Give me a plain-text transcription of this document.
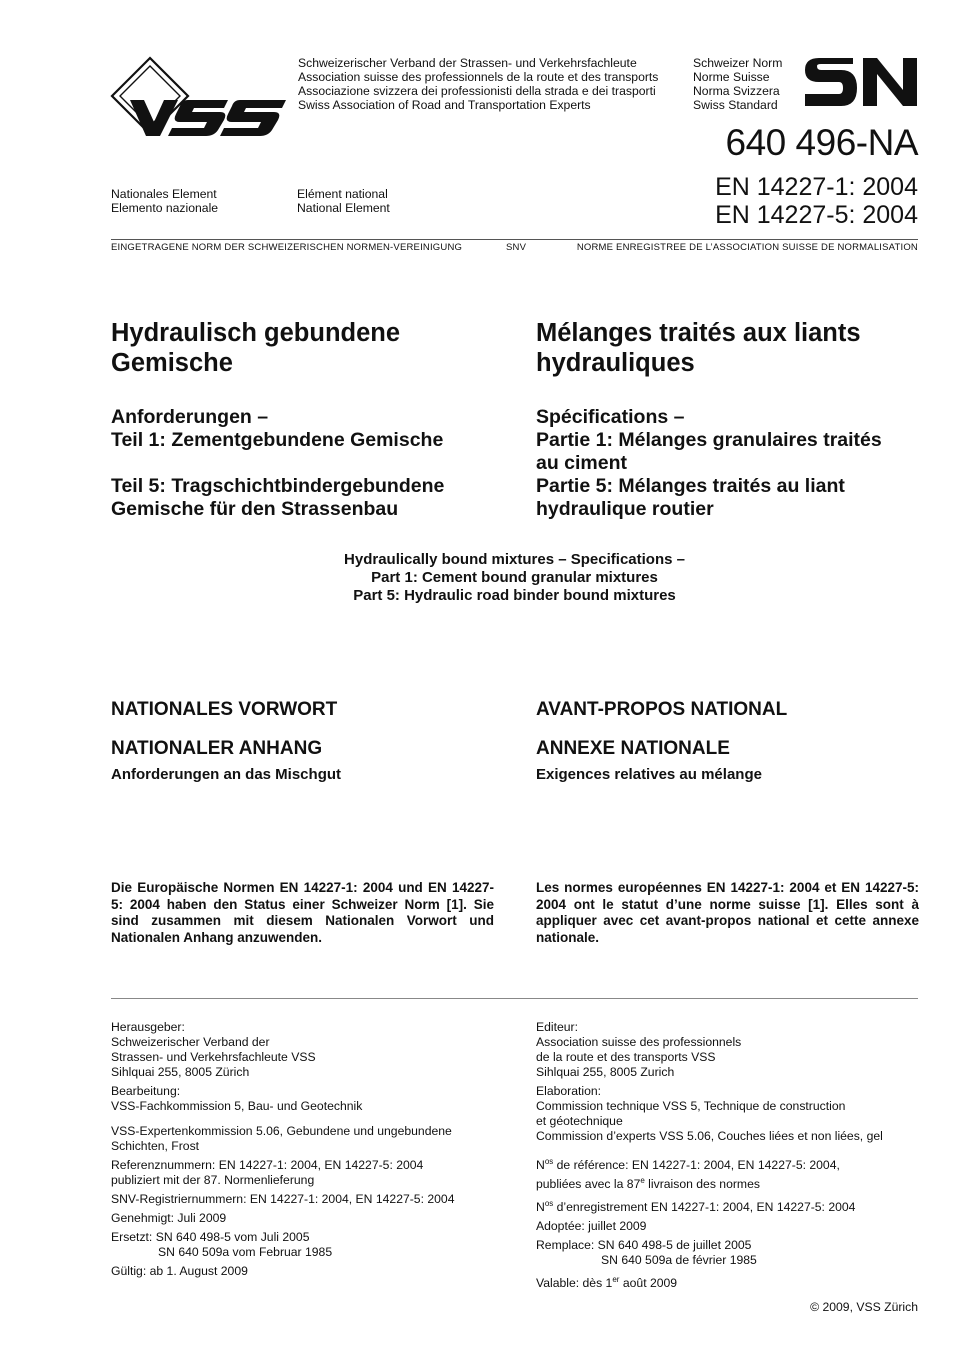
Schweizerischer Verband der Strassen- und Verkehrsfachleute
Association suisse des professionnels de la route et des transports
Associazione svizzera dei professionisti della strada e dei trasporti
Swiss Association of Road and Transportation Experts
Schweizer Norm
Norme Suisse
Norma Svizzera
Swiss Standard
640 496-NA
EN 14227-1: 2004
EN 14227-5: 2004
Nationales Element
Elemento nazionale
Elément national
National Element
EINGETRAGENE NORM DER SCHWEIZERISCHEN NORMEN-VEREINIGUNG	SNV	NORME ENREGISTREE DE L’ASSOCIATION SUISSE DE NORMALISATION
Hydraulisch gebundene
Gemische
Anforderungen –
Teil 1: Zementgebundene Gemische
Teil 5: Tragschichtbindergebundene
Gemische für den Strassenbau
Mélanges traités aux liants
hydrauliques
Spécifications –
Partie 1: Mélanges granulaires traités
au ciment
Partie 5: Mélanges traités au liant
hydraulique routier
Hydraulically bound mixtures – Specifications –
Part 1: Cement bound granular mixtures
Part 5: Hydraulic road binder bound mixtures
NATIONALES VORWORT
NATIONALER ANHANG
Anforderungen an das Mischgut
AVANT-PROPOS NATIONAL
ANNEXE NATIONALE
Exigences relatives au mélange
Die Europäische Normen EN 14227-1: 2004 und EN 14227-5: 2004 haben den Status einer Schweizer Norm [1]. Sie sind zusammen mit diesem Nationalen Vorwort und Nationalen Anhang anzuwenden.
Les normes européennes EN 14227-1: 2004 et EN 14227-5: 2004 ont le statut d’une norme suisse [1]. Elles sont à appliquer avec cet avant-propos national et cette annexe nationale.

Herausgeber:
Schweizerischer Verband der
Strassen- und Verkehrsfachleute VSS
Sihlquai 255, 8005 Zürich

Bearbeitung:
VSS-Fachkommission 5, Bau- und Geotechnik

VSS-Expertenkommission 5.06, Gebundene und ungebundene
Schichten, Frost

Referenznummern: EN 14227-1: 2004, EN 14227-5: 2004
publiziert mit der 87. Normenlieferung

SNV-Registriernummern: EN 14227-1: 2004, EN 14227-5: 2004

Genehmigt: Juli 2009

Ersetzt: SN 640 498-5 vom Juli 2005
SN 640 509a vom Februar 1985

Gültig: ab 1. August 2009

Editeur:
Association suisse des professionnels
de la route et des transports VSS
Sihlquai 255, 8005 Zurich

Elaboration:
Commission technique VSS 5, Technique de construction
et géotechnique
Commission d’experts VSS 5.06, Couches liées et non liées, gel

$N^{os}$ de référence: EN 14227-1: 2004, EN 14227-5: 2004,
publiées avec la 87e livraison des normes

$N^{os}$ d’enregistrement EN 14227-1: 2004, EN 14227-5: 2004

Adoptée: juillet 2009

Remplace: SN 640 498-5 de juillet 2005
SN 640 509a de février 1985

Valable: dès 1er août 2009

© 2009, VSS Zürich
